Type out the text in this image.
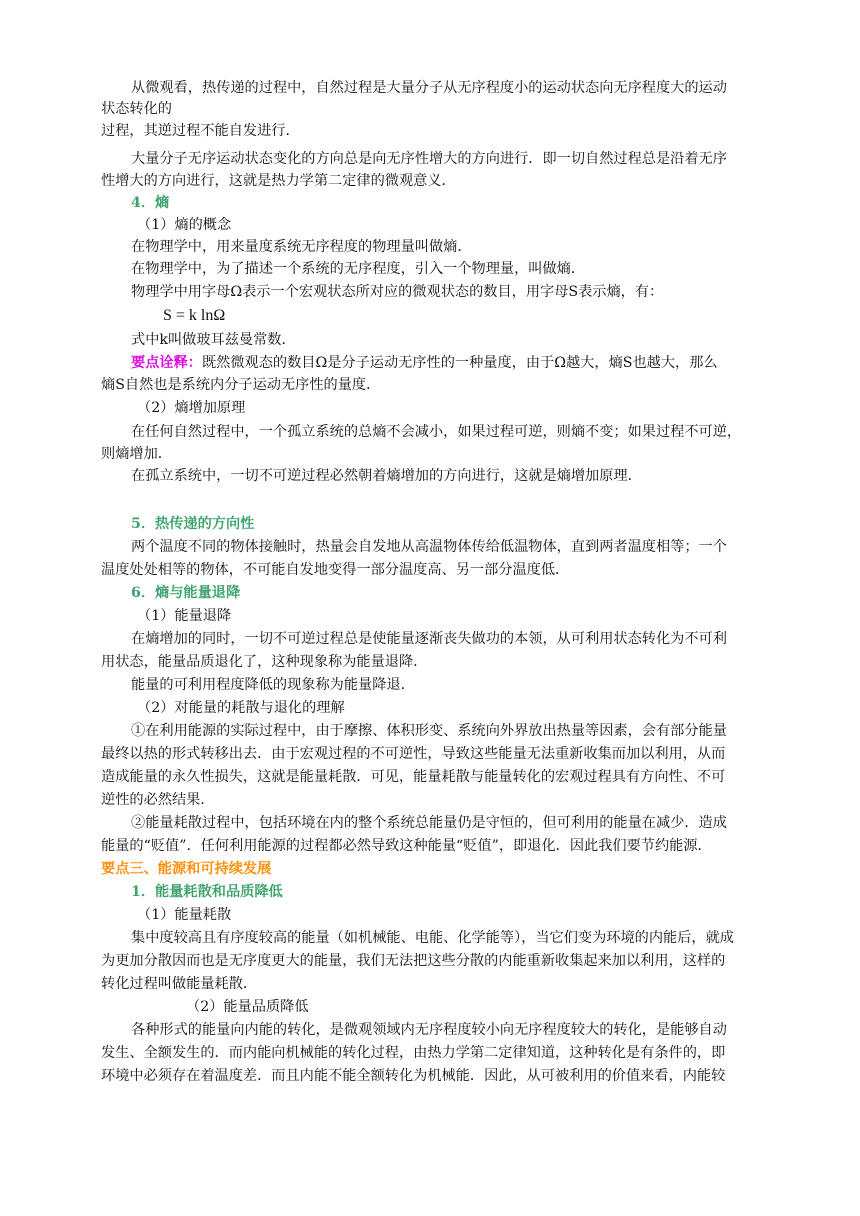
从微观看，热传递的过程中，自然过程是大量分子从无序程度小的运动状态向无序程度大的运动
状态转化的
过程，其逆过程不能自发进行．
大量分子无序运动状态变化的方向总是向无序性增大的方向进行．即一切自然过程总是沿着无序
性增大的方向进行，这就是热力学第二定律的微观意义．
4．熵
（1）熵的概念
在物理学中，用来量度系统无序程度的物理量叫做熵．
在物理学中，为了描述一个系统的无序程度，引入一个物理量，叫做熵．
物理学中用字母Ω表示一个宏观状态所对应的微观状态的数目，用字母S表示熵，有：
S = k lnΩ
式中k叫做玻耳兹曼常数．
要点诠释：既然微观态的数目Ω是分子运动无序性的一种量度，由于Ω越大，熵S也越大，那么
熵S自然也是系统内分子运动无序性的量度．
（2）熵增加原理
在任何自然过程中，一个孤立系统的总熵不会减小，如果过程可逆，则熵不变；如果过程不可逆，
则熵增加．
在孤立系统中，一切不可逆过程必然朝着熵增加的方向进行，这就是熵增加原理．
5．热传递的方向性
两个温度不同的物体接触时，热量会自发地从高温物体传给低温物体，直到两者温度相等；一个
温度处处相等的物体，不可能自发地变得一部分温度高、另一部分温度低．
6．熵与能量退降
（1）能量退降
在熵增加的同时，一切不可逆过程总是使能量逐渐丧失做功的本领，从可利用状态转化为不可利
用状态，能量品质退化了，这种现象称为能量退降．
能量的可利用程度降低的现象称为能量降退．
（2）对能量的耗散与退化的理解
①在利用能源的实际过程中，由于摩擦、体积形变、系统向外界放出热量等因素，会有部分能量
最终以热的形式转移出去．由于宏观过程的不可逆性，导致这些能量无法重新收集而加以利用，从而
造成能量的永久性损失，这就是能量耗散．可见，能量耗散与能量转化的宏观过程具有方向性、不可
逆性的必然结果．
②能量耗散过程中，包括环境在内的整个系统总能量仍是守恒的，但可利用的能量在减少．造成
能量的“贬值”．任何利用能源的过程都必然导致这种能量“贬值”，即退化．因此我们要节约能源．
要点三、能源和可持续发展
1．能量耗散和品质降低
（1）能量耗散
集中度较高且有序度较高的能量（如机械能、电能、化学能等），当它们变为环境的内能后，就成
为更加分散因而也是无序度更大的能量，我们无法把这些分散的内能重新收集起来加以利用，这样的
转化过程叫做能量耗散．
（2）能量品质降低
各种形式的能量向内能的转化，是微观领域内无序程度较小向无序程度较大的转化，是能够自动
发生、全额发生的．而内能向机械能的转化过程，由热力学第二定律知道，这种转化是有条件的，即
环境中必须存在着温度差．而且内能不能全额转化为机械能．因此，从可被利用的价值来看，内能较
